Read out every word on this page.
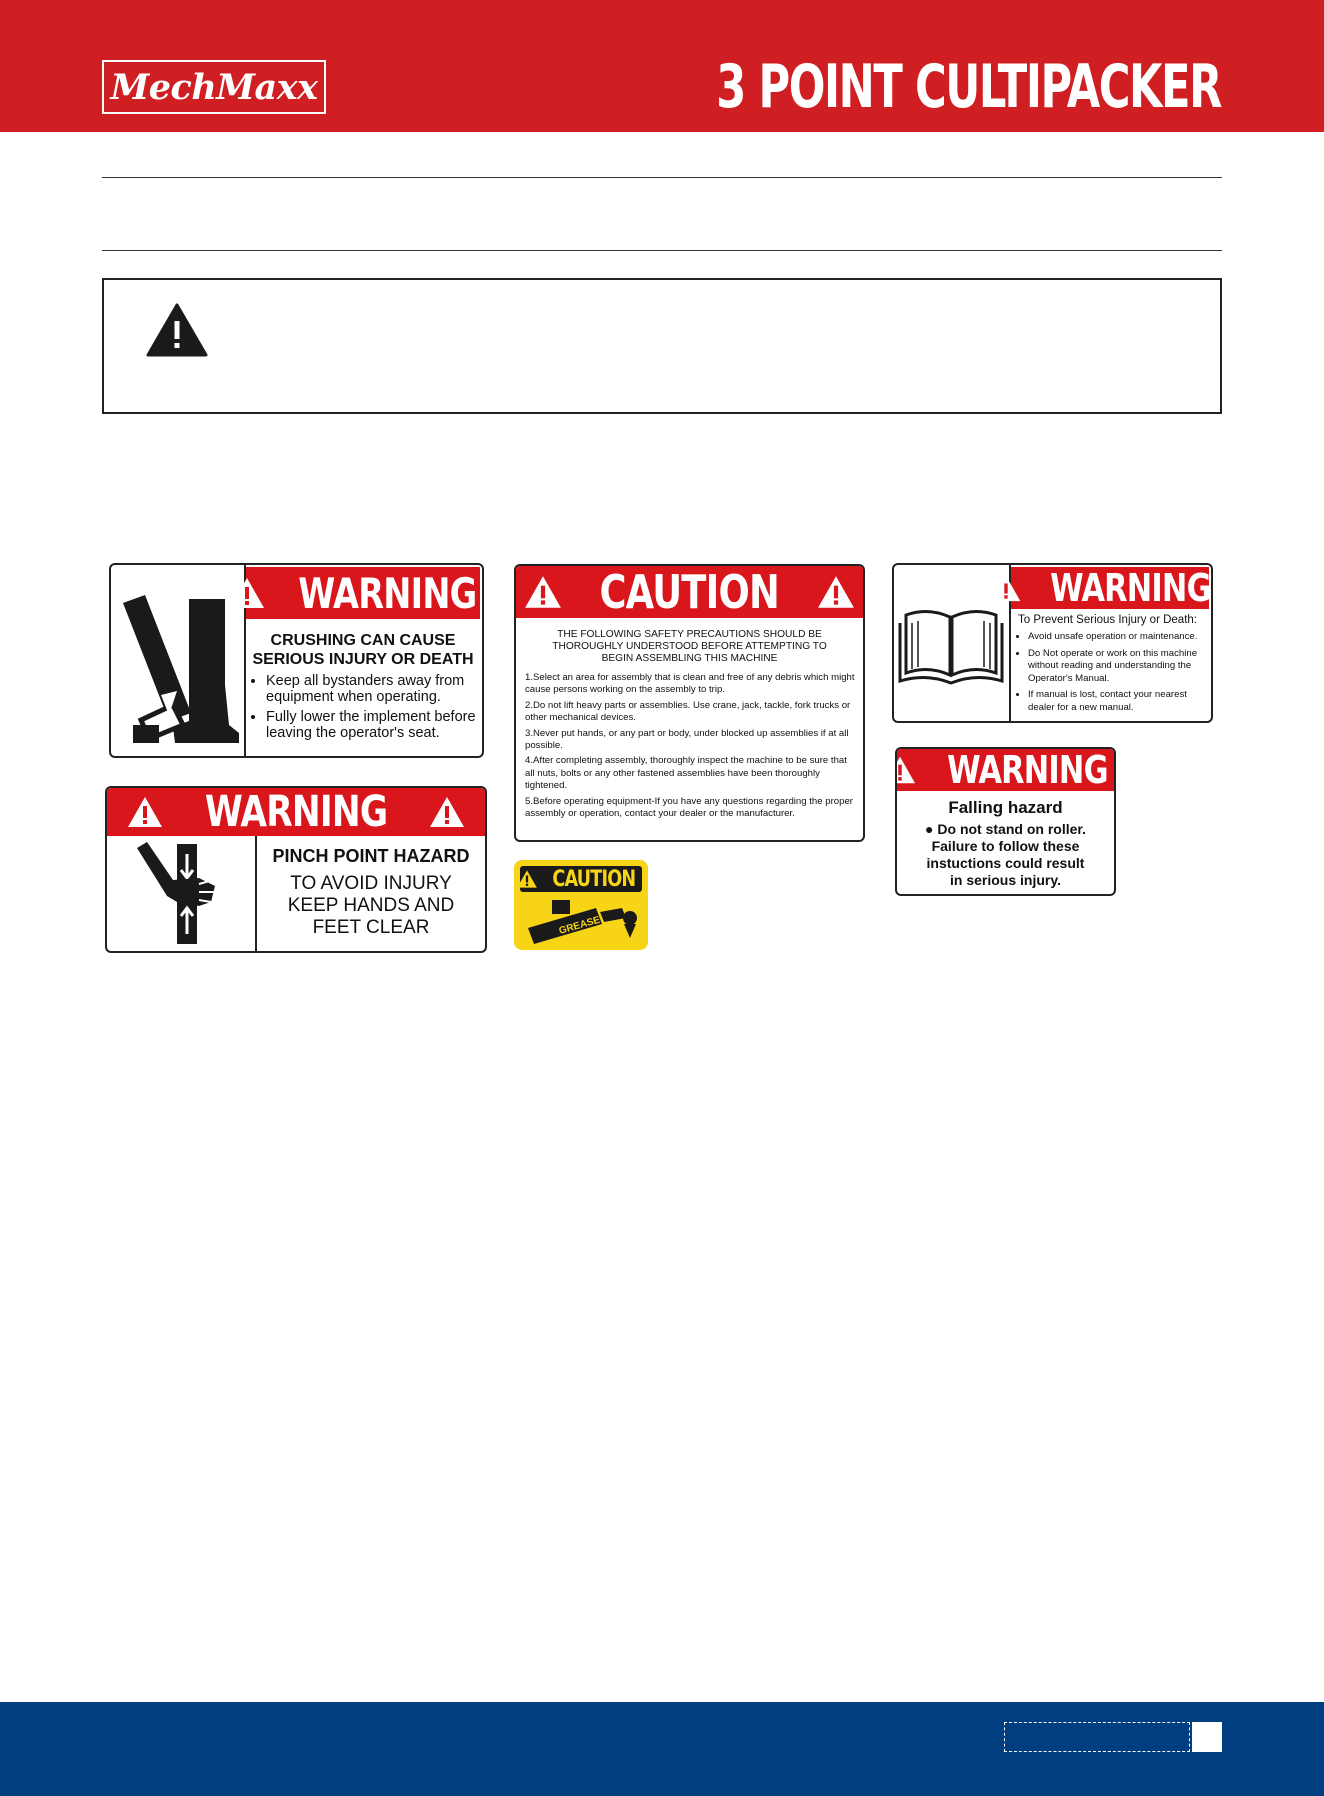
MechMaxx	3 POINT CULTIPACKER
WARNING
CRUSHING CAN CAUSE
SERIOUS INJURY OR DEATH
• Keep all bystanders away from equipment when operating.
• Fully lower the implement before leaving the operator's seat.
WARNING
PINCH POINT HAZARD
TO AVOID INJURY
KEEP HANDS AND
FEET CLEAR
CAUTION
THE FOLLOWING SAFETY PRECAUTIONS SHOULD BE
THOROUGHLY UNDERSTOOD BEFORE ATTEMPTING TO
BEGIN ASSEMBLING THIS MACHINE
1.Select an area for assembly that is clean and free of any debris which might cause persons working on the assembly to trip.
2.Do not lift heavy parts or assemblies. Use crane, jack, tackle, fork trucks or other mechanical devices.
3.Never put hands, or any part or body, under blocked up assemblies if at all possible.
4.After completing assembly, thoroughly inspect the machine to be sure that all nuts, bolts or any other fastened assemblies have been thoroughly tightened.
5.Before operating equipment-If you have any questions regarding the proper assembly or operation, contact your dealer or the manufacturer.
CAUTION
GREASE
WARNING
To Prevent Serious Injury or Death:
• Avoid unsafe operation or maintenance.
• Do Not operate or work on this machine without reading and understanding the Operator's Manual.
• If manual is lost, contact your nearest dealer for a new manual.
WARNING
Falling hazard
● Do not stand on roller.
Failure to follow these
instuctions could result
in serious injury.
